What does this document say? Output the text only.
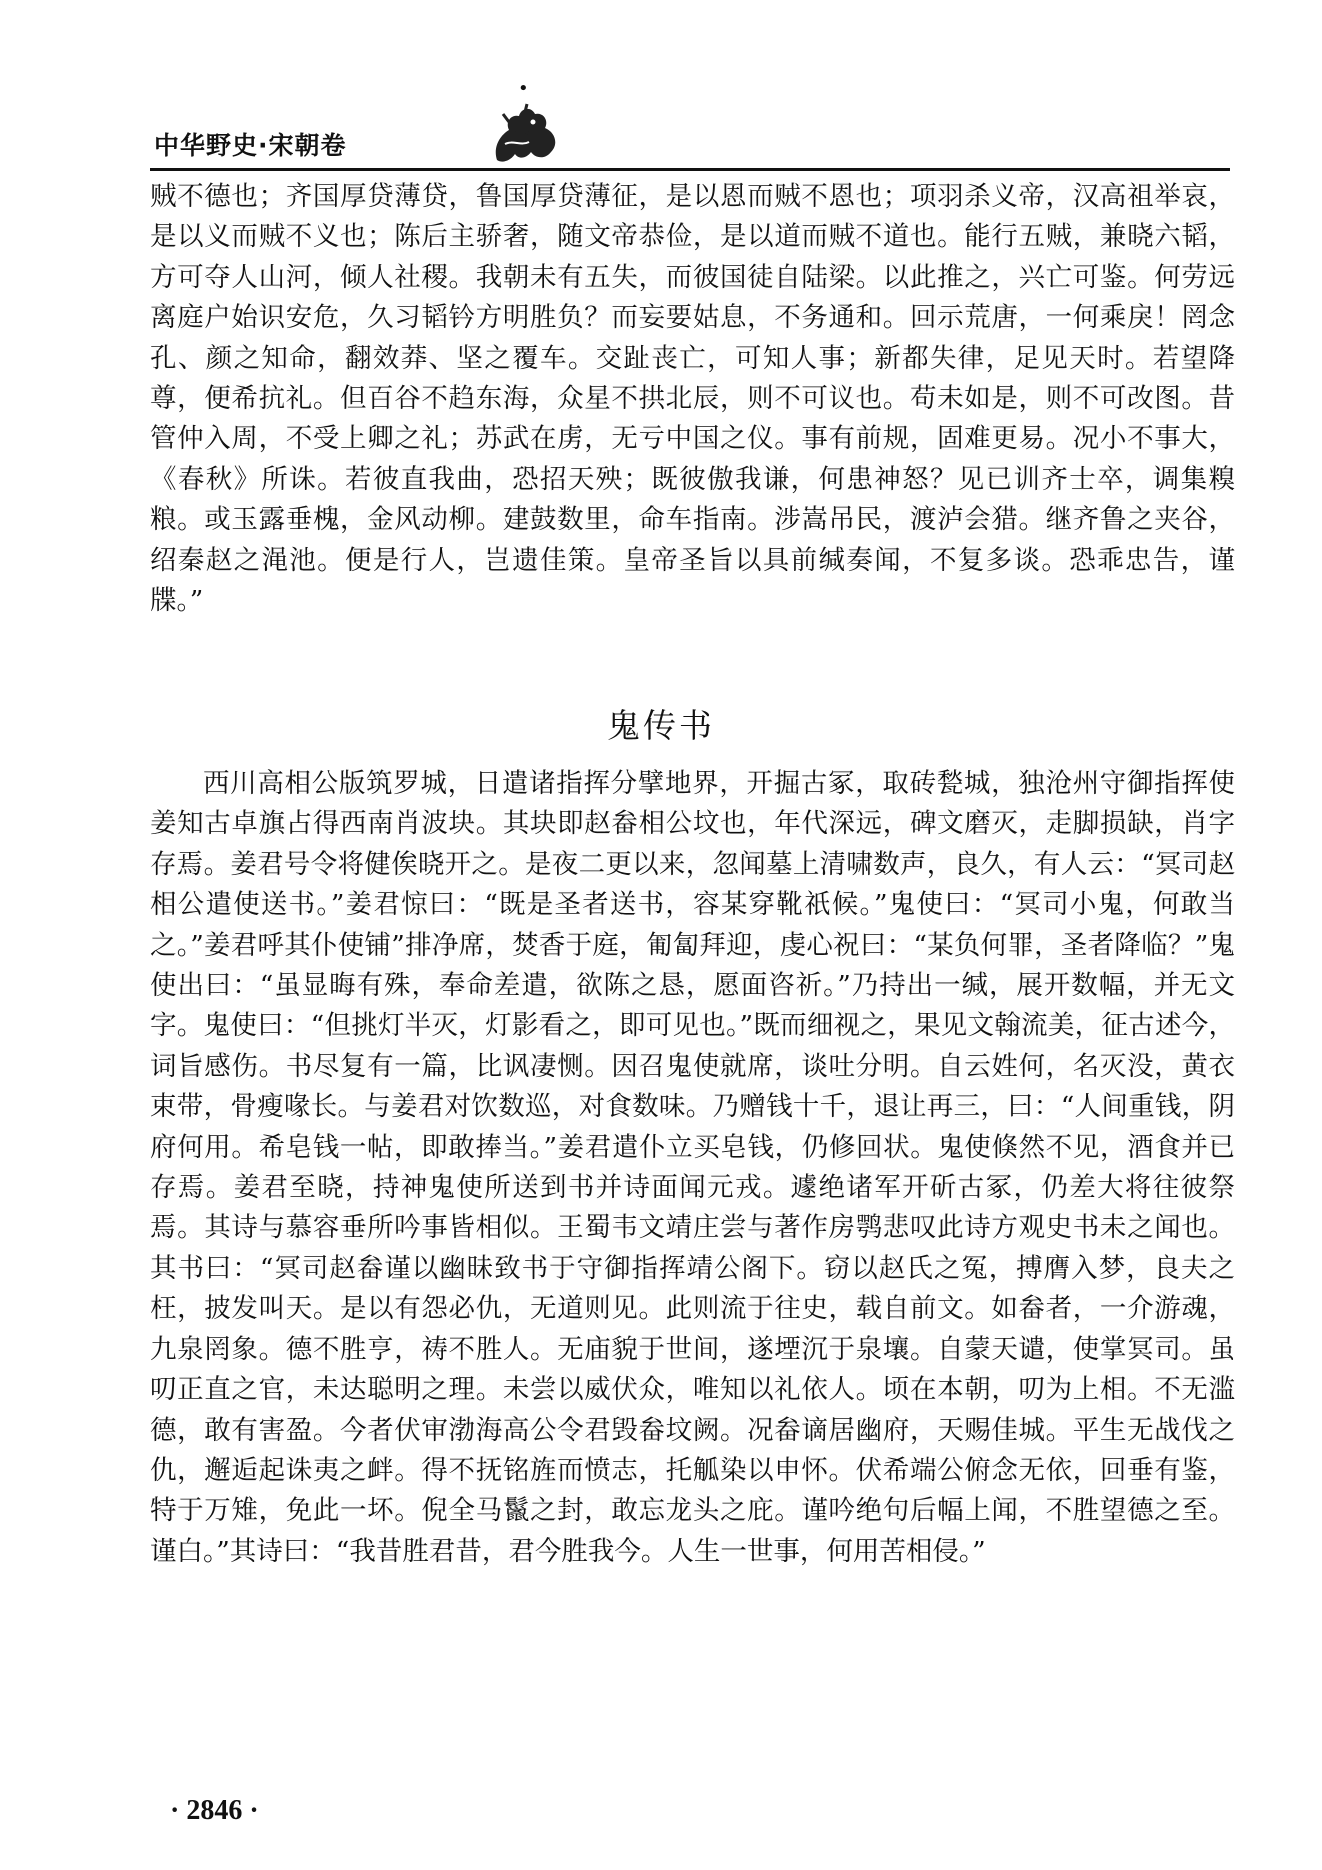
•
中华野史·宋朝卷

贼不德也；齐国厚贷薄贷，鲁国厚贷薄征，是以恩而贼不恩也；项羽杀义帝，汉高祖举哀，是以义而贼不义也；陈后主骄奢，随文帝恭俭，是以道而贼不道也。能行五贼，兼晓六韬，方可夺人山河，倾人社稷。我朝未有五失，而彼国徒自陆梁。以此推之，兴亡可鉴。何劳远离庭户始识安危，久习韬钤方明胜负？而妄要姑息，不务通和。回示荒唐，一何乘戾！罔念孔、颜之知命，翻效莽、坚之覆车。交趾丧亡，可知人事；新都失律，足见天时。若望降尊，便希抗礼。但百谷不趋东海，众星不拱北辰，则不可议也。苟未如是，则不可改图。昔管仲入周，不受上卿之礼；苏武在虏，无亏中国之仪。事有前规，固难更易。况小不事大，《春秋》所诛。若彼直我曲，恐招天殃；既彼傲我谦，何患神怒？见已训齐士卒，调集糗粮。或玉露垂槐，金风动柳。建鼓数里，命车指南。涉嵩吊民，渡泸会猎。继齐鲁之夹谷，绍秦赵之渑池。便是行人，岂遗佳策。皇帝圣旨以具前缄奏闻，不复多谈。恐乖忠告，谨牒。”

鬼传书

西川高相公版筑罗城，日遣诸指挥分擘地界，开掘古冢，取砖甃城，独沧州守御指挥使姜知古卓旗占得西南肖波块。其块即赵畚相公坟也，年代深远，碑文磨灭，走脚损缺，肖字存焉。姜君号令将健俟晓开之。是夜二更以来，忽闻墓上清啸数声，良久，有人云：“冥司赵相公遣使送书。”姜君惊曰：“既是圣者送书，容某穿靴祇候。”鬼使曰：“冥司小鬼，何敢当之。”姜君呼其仆使铺”排净席，焚香于庭，匍匐拜迎，虔心祝曰：“某负何罪，圣者降临？”鬼使出曰：“虽显晦有殊，奉命差遣，欲陈之恳，愿面咨祈。”乃持出一缄，展开数幅，并无文字。鬼使曰：“但挑灯半灭，灯影看之，即可见也。”既而细视之，果见文翰流美，征古述今，词旨感伤。书尽复有一篇，比讽凄恻。因召鬼使就席，谈吐分明。自云姓何，名灭没，黄衣束带，骨瘦喙长。与姜君对饮数巡，对食数味。乃赠钱十千，退让再三，曰：“人间重钱，阴府何用。希皂钱一帖，即敢捧当。”姜君遣仆立买皂钱，仍修回状。鬼使倏然不见，酒食并已存焉。姜君至晓，持神鬼使所送到书并诗面闻元戎。遽绝诸军开斫古冢，仍差大将往彼祭焉。其诗与慕容垂所吟事皆相似。王蜀韦文靖庄尝与著作房鹗悲叹此诗方观史书未之闻也。其书曰：“冥司赵畚谨以幽昧致书于守御指挥靖公阁下。窃以赵氏之冤，搏膺入梦，良夫之枉，披发叫天。是以有怨必仇，无道则见。此则流于往史，载自前文。如畚者，一介游魂，九泉罔象。德不胜亨，祷不胜人。无庙貌于世间，遂堙沉于泉壤。自蒙天谴，使掌冥司。虽叨正直之官，未达聪明之理。未尝以威伏众，唯知以礼依人。顷在本朝，叨为上相。不无滥德，敢有害盈。今者伏审渤海高公令君毁畚坟阙。况畚谪居幽府，天赐佳城。平生无战伐之仇，邂逅起诛夷之衅。得不抚铭旌而愤志，托觚染以申怀。伏希端公俯念无依，回垂有鉴，特于万雉，免此一坏。倪全马鬣之封，敢忘龙头之庇。谨吟绝句后幅上闻，不胜望德之至。谨白。”其诗曰：“我昔胜君昔，君今胜我今。人生一世事，何用苦相侵。”

· 2846 ·
